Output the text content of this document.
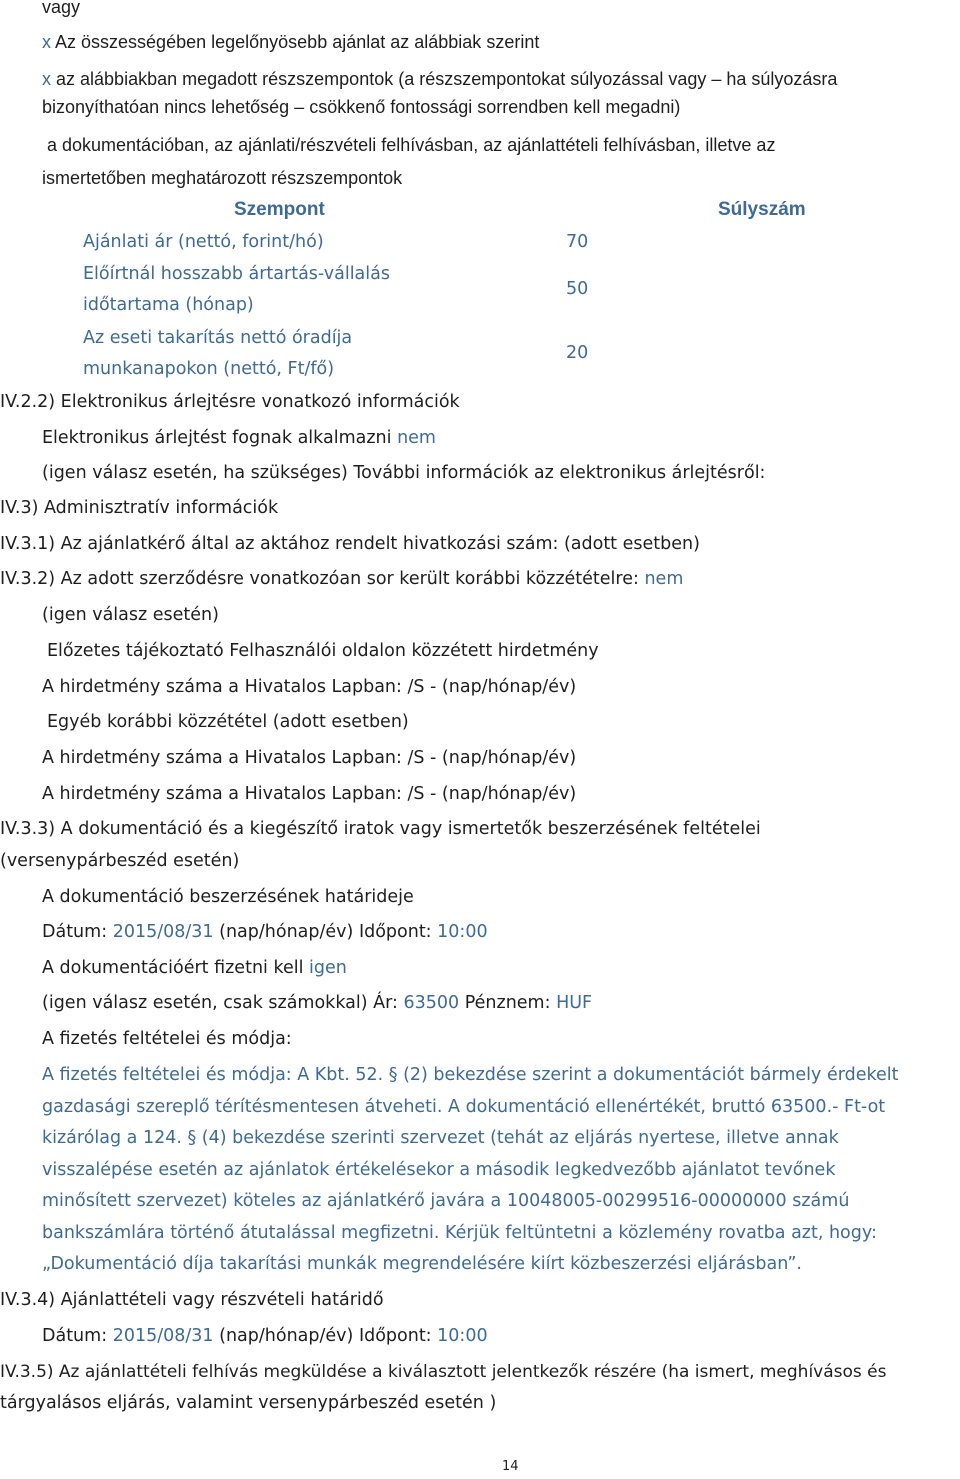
vagy
x Az összességében legelőnyösebb ajánlat az alábbiak szerint
x az alábbiakban megadott részszempontok (a részszempontokat súlyozással vagy – ha súlyozásra
bizonyíthatóan nincs lehetőség – csökkenő fontossági sorrendben kell megadni)
a dokumentációban, az ajánlati/részvételi felhívásban, az ajánlattételi felhívásban, illetve az
ismertetőben meghatározott részszempontok
Szempont	Súlyszám
Ajánlati ár (nettó, forint/hó)	70
Előírtnál hosszabb ártartás-vállalás
időtartama (hónap)
50
Az eseti takarítás nettó óradíja
munkanapokon (nettó, Ft/fő)
20
IV.2.2) Elektronikus árlejtésre vonatkozó információk
Elektronikus árlejtést fognak alkalmazni nem
(igen válasz esetén, ha szükséges) További információk az elektronikus árlejtésről:
IV.3) Adminisztratív információk
IV.3.1) Az ajánlatkérő által az aktához rendelt hivatkozási szám: (adott esetben)
IV.3.2) Az adott szerződésre vonatkozóan sor került korábbi közzétételre: nem
(igen válasz esetén)
Előzetes tájékoztató Felhasználói oldalon közzétett hirdetmény
A hirdetmény száma a Hivatalos Lapban: /S - (nap/hónap/év)
Egyéb korábbi közzététel (adott esetben)
A hirdetmény száma a Hivatalos Lapban: /S - (nap/hónap/év)
A hirdetmény száma a Hivatalos Lapban: /S - (nap/hónap/év)
IV.3.3) A dokumentáció és a kiegészítő iratok vagy ismertetők beszerzésének feltételei
(versenypárbeszéd esetén)
A dokumentáció beszerzésének határideje
Dátum: 2015/08/31 (nap/hónap/év) Időpont: 10:00
A dokumentációért fizetni kell igen
(igen válasz esetén, csak számokkal) Ár: 63500 Pénznem: HUF
A fizetés feltételei és módja:
A fizetés feltételei és módja: A Kbt. 52. § (2) bekezdése szerint a dokumentációt bármely érdekelt
gazdasági szereplő térítésmentesen átveheti. A dokumentáció ellenértékét, bruttó 63500.- Ft-ot
kizárólag a 124. § (4) bekezdése szerinti szervezet (tehát az eljárás nyertese, illetve annak
visszalépése esetén az ajánlatok értékelésekor a második legkedvezőbb ajánlatot tevőnek
minősített szervezet) köteles az ajánlatkérő javára a 10048005-00299516-00000000 számú
bankszámlára történő átutalással megfizetni. Kérjük feltüntetni a közlemény rovatba azt, hogy:
„Dokumentáció díja takarítási munkák megrendelésére kiírt közbeszerzési eljárásban”.
IV.3.4) Ajánlattételi vagy részvételi határidő
Dátum: 2015/08/31 (nap/hónap/év) Időpont: 10:00
IV.3.5) Az ajánlattételi felhívás megküldése a kiválasztott jelentkezők részére (ha ismert, meghívásos és
tárgyalásos eljárás, valamint versenypárbeszéd esetén )
14
